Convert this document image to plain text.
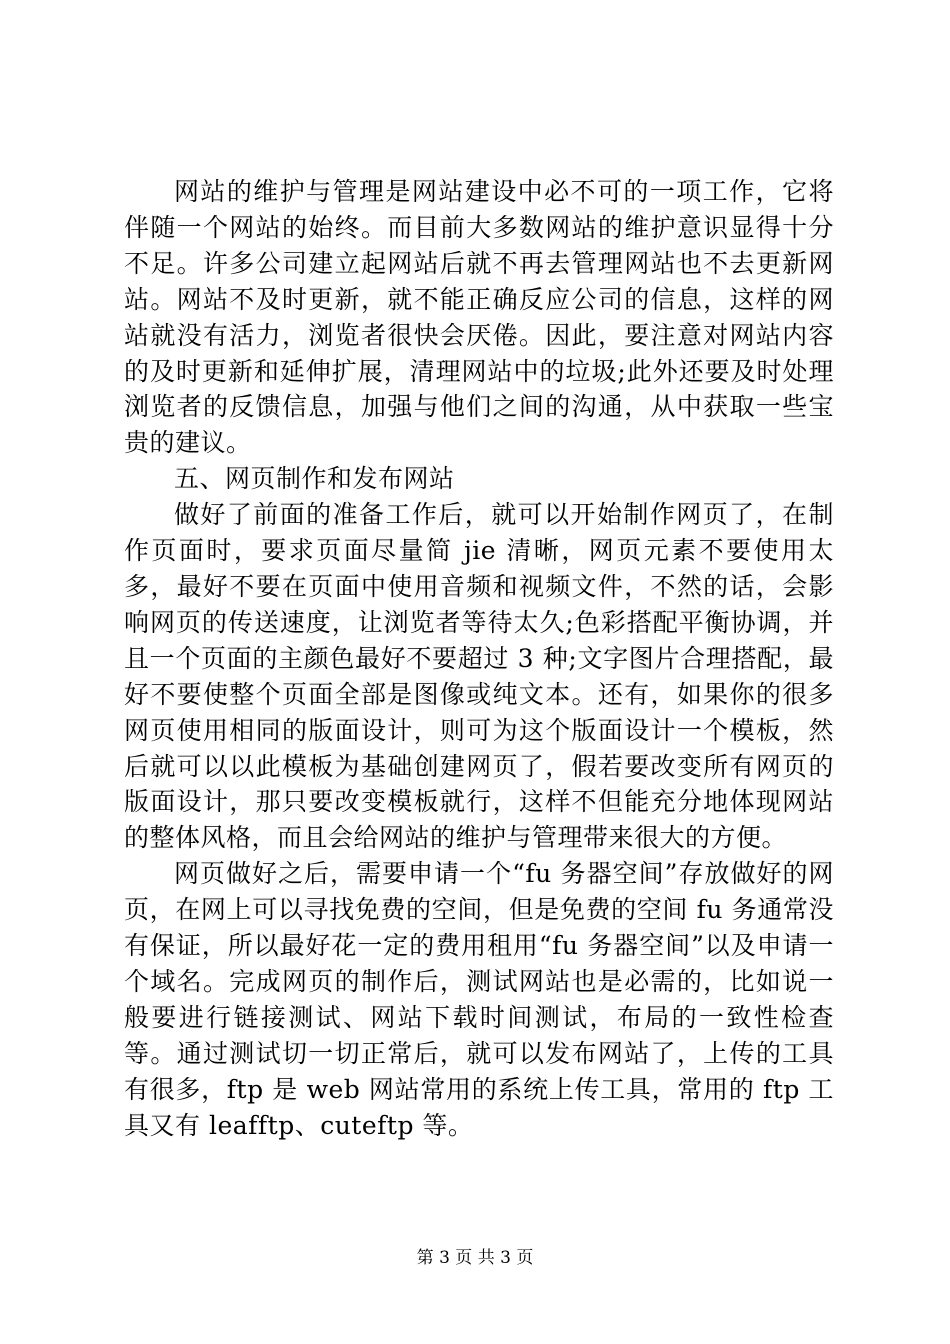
网站的维护与管理是网站建设中必不可的一项工作，它将伴随一个网站的始终。而目前大多数网站的维护意识显得十分不足。许多公司建立起网站后就不再去管理网站也不去更新网站。网站不及时更新，就不能正确反应公司的信息，这样的网站就没有活力，浏览者很快会厌倦。因此，要注意对网站内容的及时更新和延伸扩展，清理网站中的垃圾;此外还要及时处理浏览者的反馈信息，加强与他们之间的沟通，从中获取一些宝贵的建议。

五、网页制作和发布网站

做好了前面的准备工作后，就可以开始制作网页了，在制作页面时，要求页面尽量简 jie 清晰，网页元素不要使用太多，最好不要在页面中使用音频和视频文件，不然的话，会影响网页的传送速度，让浏览者等待太久;色彩搭配平衡协调，并且一个页面的主颜色最好不要超过 3 种;文字图片合理搭配，最好不要使整个页面全部是图像或纯文本。还有，如果你的很多网页使用相同的版面设计，则可为这个版面设计一个模板，然后就可以以此模板为基础创建网页了，假若要改变所有网页的版面设计，那只要改变模板就行，这样不但能充分地体现网站的整体风格，而且会给网站的维护与管理带来很大的方便。

网页做好之后，需要申请一个“fu 务器空间”存放做好的网页，在网上可以寻找免费的空间，但是免费的空间 fu 务通常没有保证，所以最好花一定的费用租用“fu 务器空间”以及申请一个域名。完成网页的制作后，测试网站也是必需的，比如说一般要进行链接测试、网站下载时间测试，布局的一致性检查等。通过测试切一切正常后，就可以发布网站了，上传的工具有很多，ftp 是 web 网站常用的系统上传工具，常用的 ftp 工具又有 leafftp、cuteftp 等。

第 3 页 共 3 页
